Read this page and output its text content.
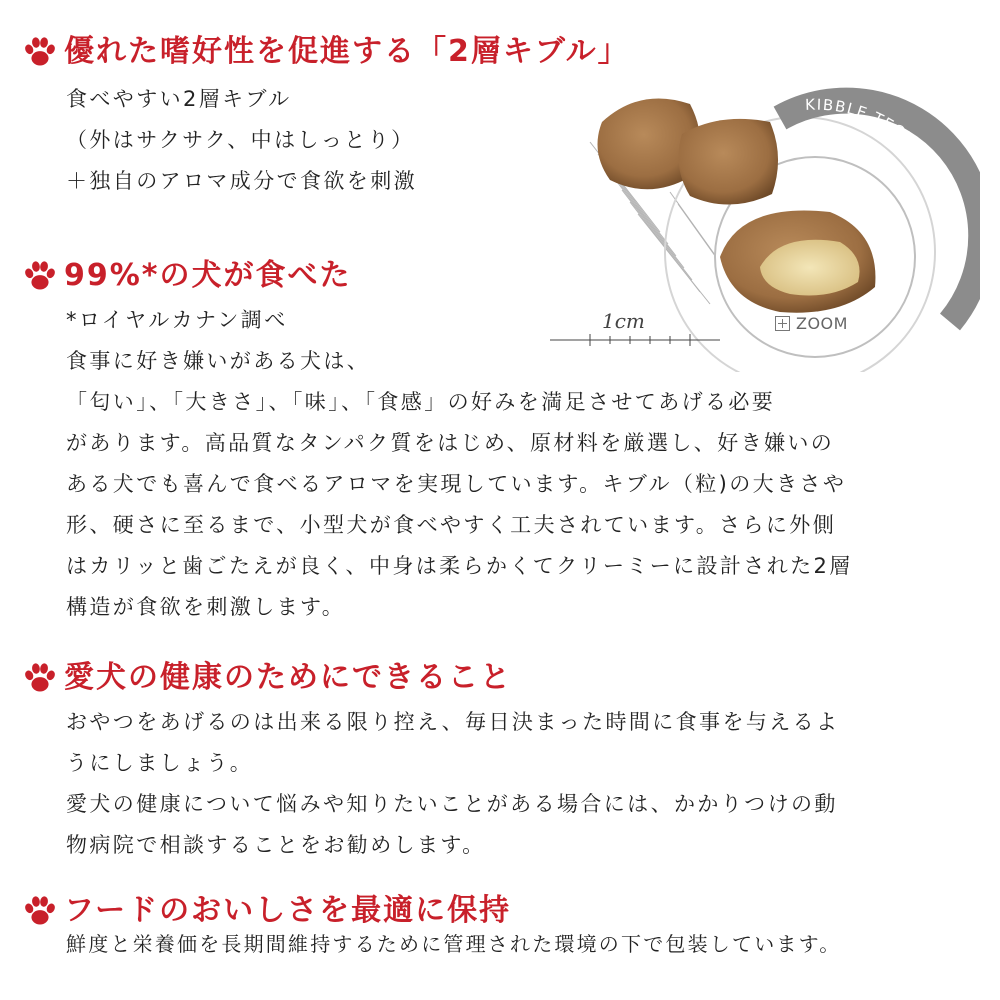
優れた嗜好性を促進する「2層キブル」
食べやすい2層キブル
（外はサクサク、中はしっとり）
＋独自のアロマ成分で食欲を刺激
KIBBLE TECHNOLOGY
1cm	ZOOM
99%*の犬が食べた
*ロイヤルカナン調べ
食事に好き嫌いがある犬は、
「匂い」、「大きさ」、「味」、「食感」の好みを満足させてあげる必要
があります。高品質なタンパク質をはじめ、原材料を厳選し、好き嫌いの
ある犬でも喜んで食べるアロマを実現しています。キブル（粒)の大きさや
形、硬さに至るまで、小型犬が食べやすく工夫されています。さらに外側
はカリッと歯ごたえが良く、中身は柔らかくてクリーミーに設計された2層
構造が食欲を刺激します。
愛犬の健康のためにできること
おやつをあげるのは出来る限り控え、毎日決まった時間に食事を与えるよ
うにしましょう。
愛犬の健康について悩みや知りたいことがある場合には、かかりつけの動
物病院で相談することをお勧めします。
フードのおいしさを最適に保持
鮮度と栄養価を長期間維持するために管理された環境の下で包装しています。
